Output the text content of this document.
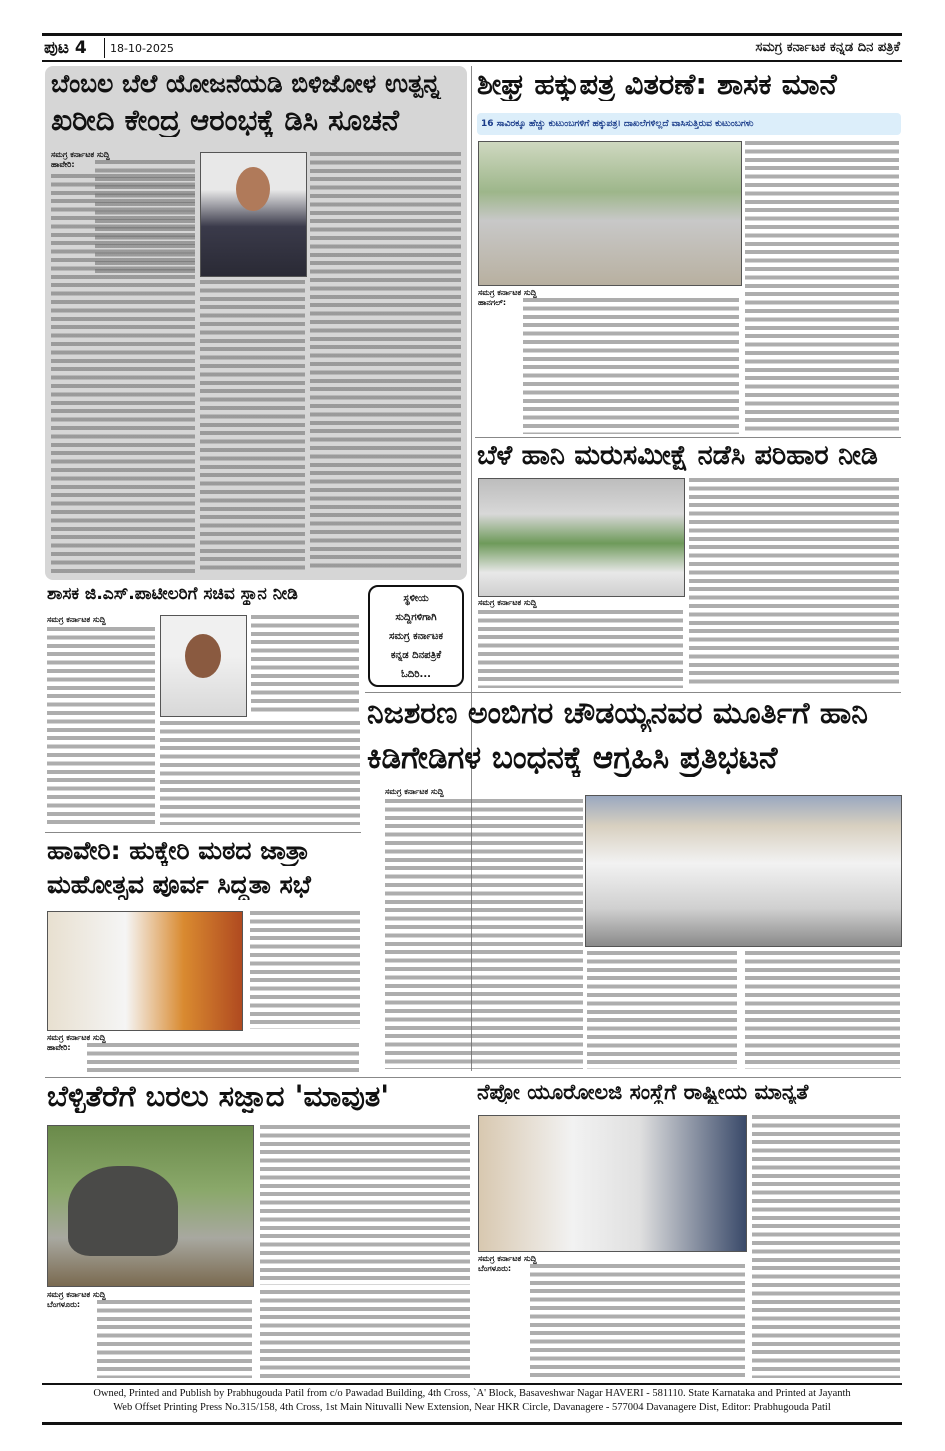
ಪುಟ 4 18-10-2025	ಸಮಗ್ರ ಕರ್ನಾಟಕ ಕನ್ನಡ ದಿನ ಪತ್ರಿಕೆ
ಬೆಂಬಲ ಬೆಲೆ ಯೋಜನೆಯಡಿ ಬಿಳಿಜೋಳ ಉತ್ಪನ್ನ
ಖರೀದಿ ಕೇಂದ್ರ ಆರಂಭಕ್ಕೆ ಡಿಸಿ ಸೂಚನೆ
ಸಮಗ್ರ ಕರ್ನಾಟಕ ಸುದ್ದಿ
ಹಾವೇರಿ:
ಶೀಘ್ರ ಹಕ್ಕುಪತ್ರ ವಿತರಣೆ: ಶಾಸಕ ಮಾನೆ
16 ಸಾವಿರಕ್ಕೂ ಹೆಚ್ಚು ಕುಟುಂಬಗಳಿಗೆ ಹಕ್ಕುಪತ್ರ। ದಾಖಲೆಗಳಿಲ್ಲದೆ ವಾಸಿಸುತ್ತಿರುವ ಕುಟುಂಬಗಳು
ಸಮಗ್ರ ಕರ್ನಾಟಕ ಸುದ್ದಿ
ಹಾನಗಲ್:
ಬೆಳೆ ಹಾನಿ ಮರುಸಮೀಕ್ಷೆ ನಡೆಸಿ ಪರಿಹಾರ ನೀಡಿ
ಸಮಗ್ರ ಕರ್ನಾಟಕ ಸುದ್ದಿ
ಶಾಸಕ ಜಿ.ಎಸ್.ಪಾಟೀಲರಿಗೆ ಸಚಿವ ಸ್ಥಾನ ನೀಡಿ
ಸಮಗ್ರ ಕರ್ನಾಟಕ ಸುದ್ದಿ
ಸ್ಥಳೀಯ
ಸುದ್ದಿಗಳಿಗಾಗಿ
ಸಮಗ್ರ ಕರ್ನಾಟಕ
ಕನ್ನಡ ದಿನಪತ್ರಿಕೆ
ಓದಿರಿ...
ನಿಜಶರಣ ಅಂಬಿಗರ ಚೌಡಯ್ಯನವರ ಮೂರ್ತಿಗೆ ಹಾನಿ
ಕಿಡಿಗೇಡಿಗಳ ಬಂಧನಕ್ಕೆ ಆಗ್ರಹಿಸಿ ಪ್ರತಿಭಟನೆ
ಸಮಗ್ರ ಕರ್ನಾಟಕ ಸುದ್ದಿ
ಹಾವೇರಿ: ಹುಕ್ಕೇರಿ ಮಠದ ಜಾತ್ರಾ
ಮಹೋತ್ಸವ ಪೂರ್ವ ಸಿದ್ಧತಾ ಸಭೆ
ಸಮಗ್ರ ಕರ್ನಾಟಕ ಸುದ್ದಿ
ಹಾವೇರಿ:
ಬೆಳ್ಳಿತೆರೆಗೆ ಬರಲು ಸಜ್ಜಾದ 'ಮಾವುತ'
ಸಮಗ್ರ ಕರ್ನಾಟಕ ಸುದ್ದಿ
ಬೆಂಗಳೂರು:
ನೆಪ್ರೋ ಯೂರೋಲಜಿ ಸಂಸ್ಥೆಗೆ ರಾಷ್ಟ್ರೀಯ ಮಾನ್ಯತೆ
ಸಮಗ್ರ ಕರ್ನಾಟಕ ಸುದ್ದಿ
ಬೆಂಗಳೂರು:
Owned, Printed and Publish by Prabhugouda Patil from c/o Pawadad Building, 4th Cross, `A' Block, Basaveshwar Nagar HAVERI - 581110. State Karnataka and Printed at Jayanth
Web Offset Printing Press No.315/158, 4th Cross, 1st Main Nituvalli New Extension, Near HKR Circle, Davanagere - 577004 Davanagere Dist, Editor: Prabhugouda Patil
